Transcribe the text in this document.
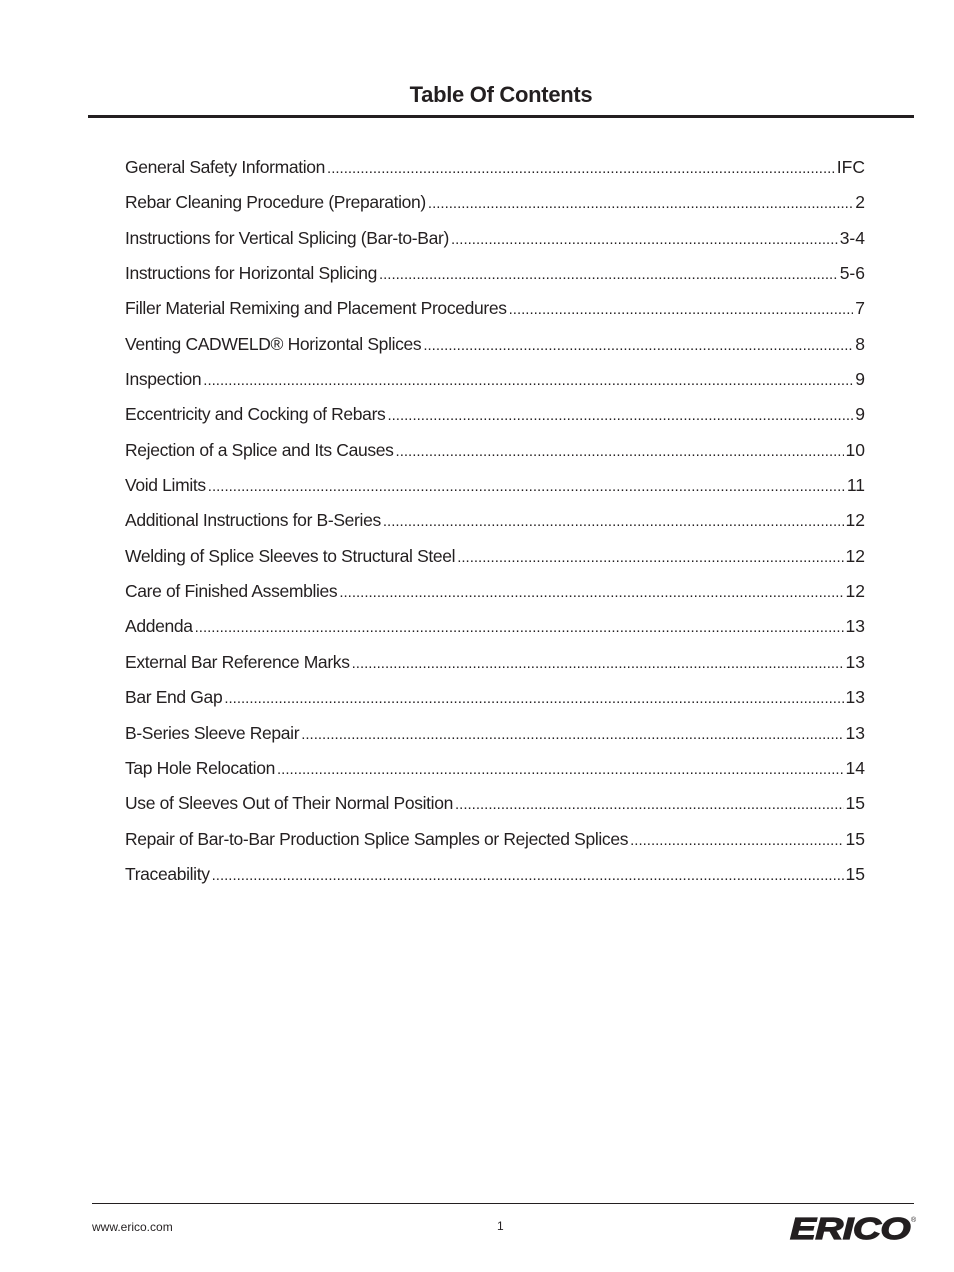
Table Of Contents
General Safety Information .....	IFC
Rebar Cleaning Procedure (Preparation) .....	2
Instructions for Vertical Splicing (Bar-to-Bar) .....	3-4
Instructions for Horizontal Splicing .....	5-6
Filler Material Remixing and Placement Procedures .....	7
Venting CADWELD® Horizontal Splices .....	8
Inspection .....	9
Eccentricity and Cocking of Rebars .....	9
Rejection of a Splice and Its Causes .....	10
Void Limits .....	11
Additional Instructions for B-Series .....	12
Welding of Splice Sleeves to Structural Steel .....	12
Care of Finished Assemblies .....	12
Addenda .....	13
External Bar Reference Marks .....	13
Bar End Gap .....	13
B-Series Sleeve Repair .....	13
Tap Hole Relocation .....	14
Use of Sleeves Out of Their Normal Position .....	15
Repair of Bar-to-Bar Production Splice Samples or Rejected Splices .....	15
Traceability .....	15
www.erico.com	1	ERICO ®
